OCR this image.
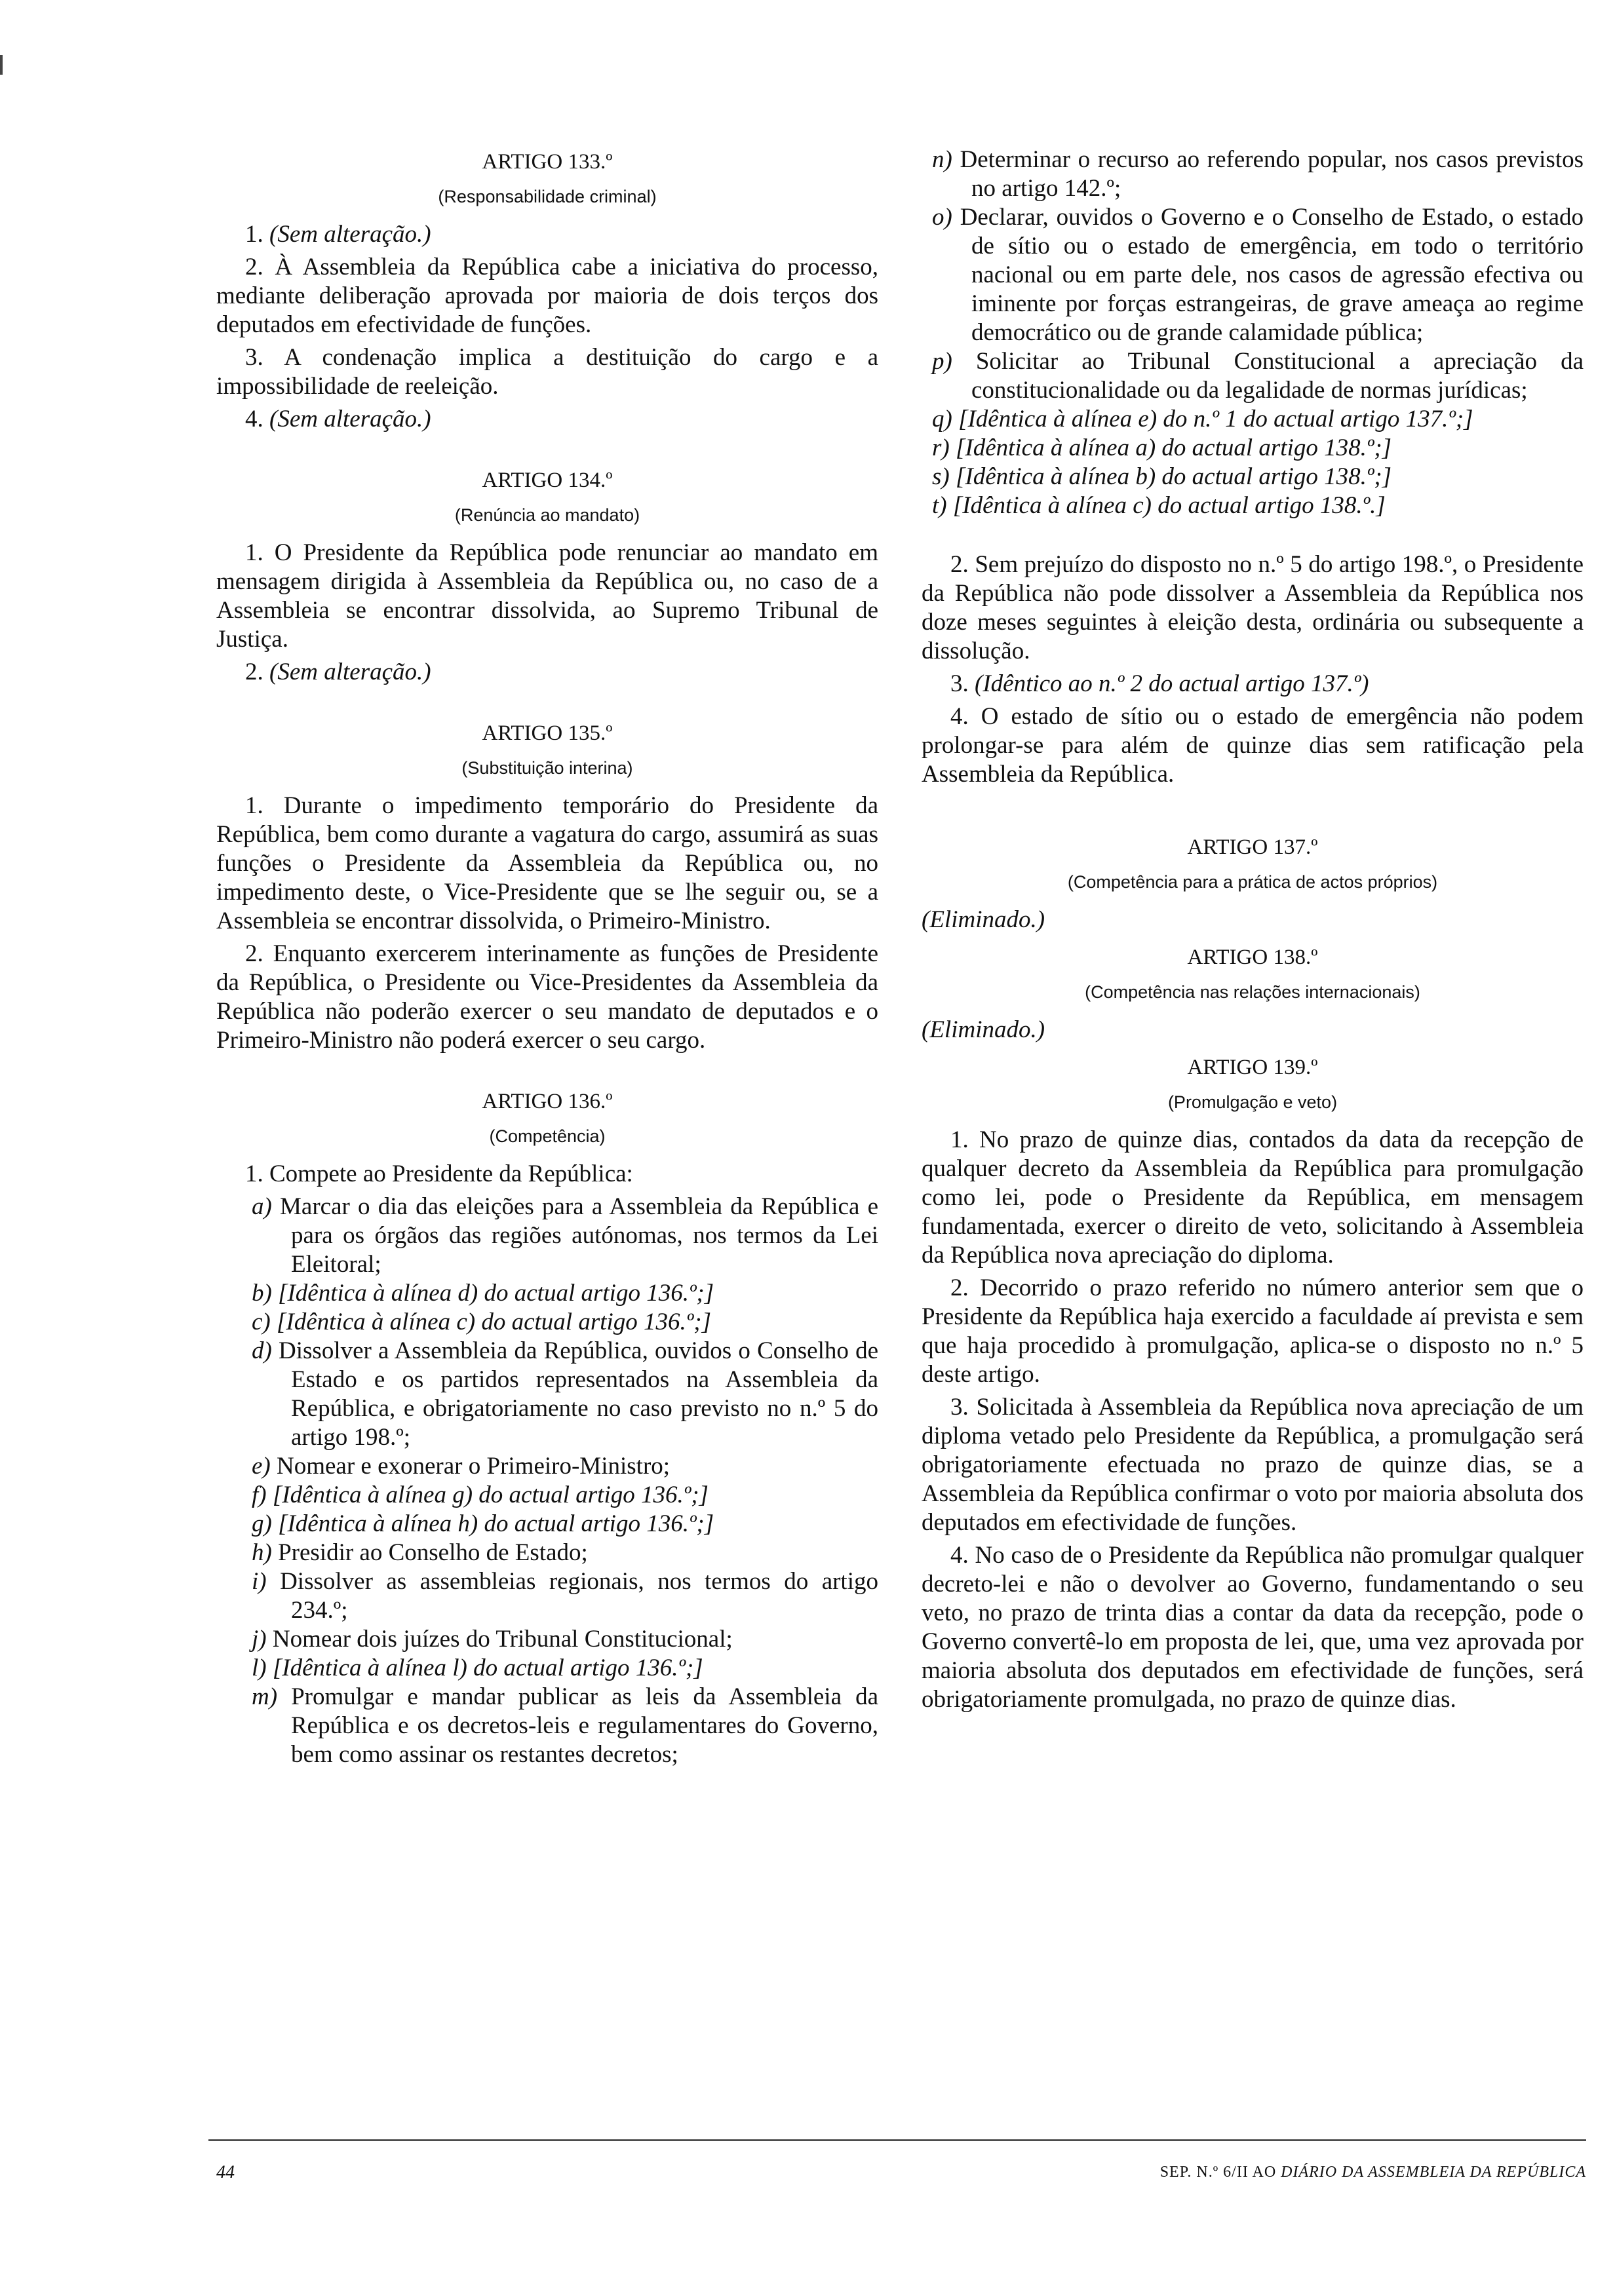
ARTIGO 133.º

(Responsabilidade criminal)

1. (Sem alteração.)

2. À Assembleia da República cabe a iniciativa do processo, mediante deliberação aprovada por maioria de dois terços dos deputados em efectividade de funções.

3. A condenação implica a destituição do cargo e a impossibilidade de reeleição.

4. (Sem alteração.)

ARTIGO 134.º

(Renúncia ao mandato)

1. O Presidente da República pode renunciar ao mandato em mensagem dirigida à Assembleia da República ou, no caso de a Assembleia se encontrar dissolvida, ao Supremo Tribunal de Justiça.

2. (Sem alteração.)

ARTIGO 135.º

(Substituição interina)

1. Durante o impedimento temporário do Presidente da República, bem como durante a vagatura do cargo, assumirá as suas funções o Presidente da Assembleia da República ou, no impedimento deste, o Vice-Presidente que se lhe seguir ou, se a Assembleia se encontrar dissolvida, o Primeiro-Ministro.

2. Enquanto exercerem interinamente as funções de Presidente da República, o Presidente ou Vice-Presidentes da Assembleia da República não poderão exercer o seu mandato de deputados e o Primeiro-Ministro não poderá exercer o seu cargo.

ARTIGO 136.º

(Competência)

1. Compete ao Presidente da República:

a) Marcar o dia das eleições para a Assembleia da República e para os órgãos das regiões autónomas, nos termos da Lei Eleitoral;
b) [Idêntica à alínea d) do actual artigo 136.º;]
c) [Idêntica à alínea c) do actual artigo 136.º;]
d) Dissolver a Assembleia da República, ouvidos o Conselho de Estado e os partidos representados na Assembleia da República, e obrigatoriamente no caso previsto no n.º 5 do artigo 198.º;
e) Nomear e exonerar o Primeiro-Ministro;
f) [Idêntica à alínea g) do actual artigo 136.º;]
g) [Idêntica à alínea h) do actual artigo 136.º;]
h) Presidir ao Conselho de Estado;
i) Dissolver as assembleias regionais, nos termos do artigo 234.º;
j) Nomear dois juízes do Tribunal Constitucional;
l) [Idêntica à alínea l) do actual artigo 136.º;]
m) Promulgar e mandar publicar as leis da Assembleia da República e os decretos-leis e regulamentares do Governo, bem como assinar os restantes decretos;
n) Determinar o recurso ao referendo popular, nos casos previstos no artigo 142.º;
o) Declarar, ouvidos o Governo e o Conselho de Estado, o estado de sítio ou o estado de emergência, em todo o território nacional ou em parte dele, nos casos de agressão efectiva ou iminente por forças estrangeiras, de grave ameaça ao regime democrático ou de grande calamidade pública;
p) Solicitar ao Tribunal Constitucional a apreciação da constitucionalidade ou da legalidade de normas jurídicas;
q) [Idêntica à alínea e) do n.º 1 do actual artigo 137.º;]
r) [Idêntica à alínea a) do actual artigo 138.º;]
s) [Idêntica à alínea b) do actual artigo 138.º;]
t) [Idêntica à alínea c) do actual artigo 138.º.]

2. Sem prejuízo do disposto no n.º 5 do artigo 198.º, o Presidente da República não pode dissolver a Assembleia da República nos doze meses seguintes à eleição desta, ordinária ou subsequente a dissolução.

3. (Idêntico ao n.º 2 do actual artigo 137.º)

4. O estado de sítio ou o estado de emergência não podem prolongar-se para além de quinze dias sem ratificação pela Assembleia da República.

ARTIGO 137.º

(Competência para a prática de actos próprios)

(Eliminado.)

ARTIGO 138.º

(Competência nas relações internacionais)

(Eliminado.)

ARTIGO 139.º

(Promulgação e veto)

1. No prazo de quinze dias, contados da data da recepção de qualquer decreto da Assembleia da República para promulgação como lei, pode o Presidente da República, em mensagem fundamentada, exercer o direito de veto, solicitando à Assembleia da República nova apreciação do diploma.

2. Decorrido o prazo referido no número anterior sem que o Presidente da República haja exercido a faculdade aí prevista e sem que haja procedido à promulgação, aplica-se o disposto no n.º 5 deste artigo.

3. Solicitada à Assembleia da República nova apreciação de um diploma vetado pelo Presidente da República, a promulgação será obrigatoriamente efectuada no prazo de quinze dias, se a Assembleia da República confirmar o voto por maioria absoluta dos deputados em efectividade de funções.

4. No caso de o Presidente da República não promulgar qualquer decreto-lei e não o devolver ao Governo, fundamentando o seu veto, no prazo de trinta dias a contar da data da recepção, pode o Governo convertê-lo em proposta de lei, que, uma vez aprovada por maioria absoluta dos deputados em efectividade de funções, será obrigatoriamente promulgada, no prazo de quinze dias.

44	SEP. N.º 6/II AO DIÁRIO DA ASSEMBLEIA DA REPÚBLICA
